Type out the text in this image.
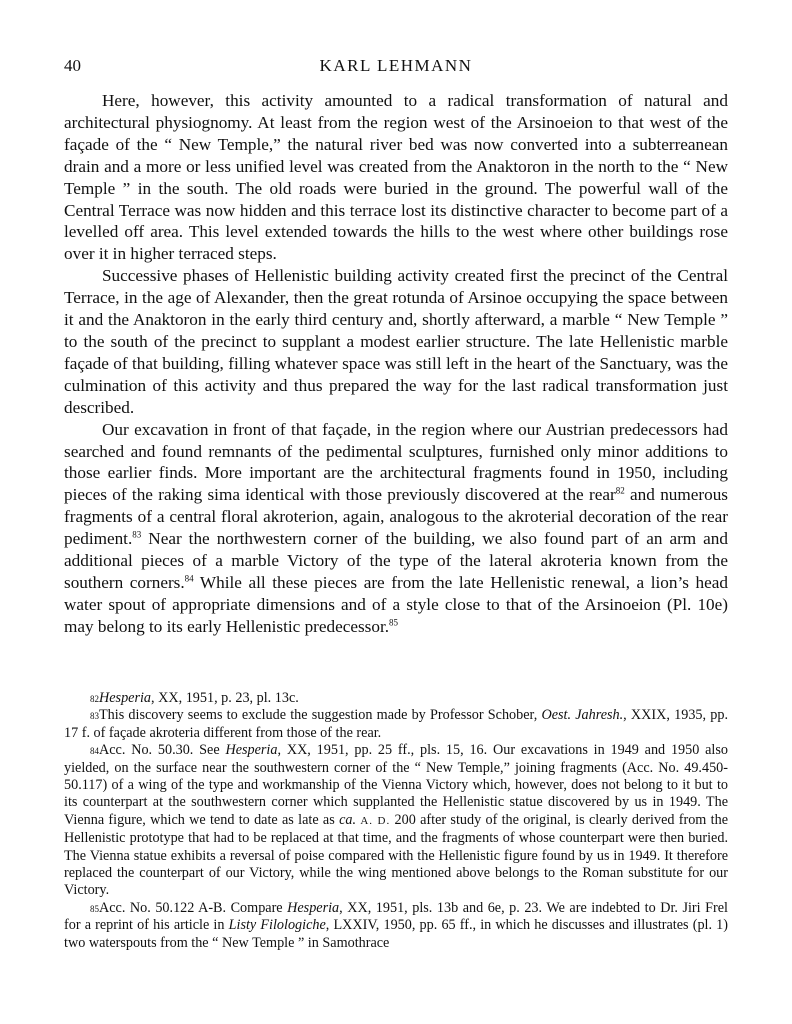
40	KARL LEHMANN

Here, however, this activity amounted to a radical transformation of natural and architectural physiognomy. At least from the region west of the Arsinoeion to that west of the façade of the “ New Temple,” the natural river bed was now converted into a subterreanean drain and a more or less unified level was created from the Anaktoron in the north to the “ New Temple ” in the south. The old roads were buried in the ground. The powerful wall of the Central Terrace was now hidden and this terrace lost its distinctive character to become part of a levelled off area. This level extended towards the hills to the west where other buildings rose over it in higher terraced steps.

Successive phases of Hellenistic building activity created first the precinct of the Central Terrace, in the age of Alexander, then the great rotunda of Arsinoe occupying the space between it and the Anaktoron in the early third century and, shortly afterward, a marble “ New Temple ” to the south of the precinct to supplant a modest earlier structure. The late Hellenistic marble façade of that building, filling whatever space was still left in the heart of the Sanctuary, was the culmination of this activity and thus prepared the way for the last radical transformation just described.

Our excavation in front of that façade, in the region where our Austrian predecessors had searched and found remnants of the pedimental sculptures, furnished only minor additions to those earlier finds. More important are the architectural fragments found in 1950, including pieces of the raking sima identical with those previously discovered at the rear$^{82}$ and numerous fragments of a central floral akroterion, again, analogous to the akroterial decoration of the rear pediment.$^{83}$ Near the northwestern corner of the building, we also found part of an arm and additional pieces of a marble Victory of the type of the lateral akroteria known from the southern corners.$^{84}$ While all these pieces are from the late Hellenistic renewal, a lion’s head water spout of appropriate dimensions and of a style close to that of the Arsinoeion (Pl. 10e) may belong to its early Hellenistic predecessor.$^{85}$

$^{82}$Hesperia, XX, 1951, p. 23, pl. 13c.

$^{83}$This discovery seems to exclude the suggestion made by Professor Schober, Oest. Jahresh., XXIX, 1935, pp. 17 f. of façade akroteria different from those of the rear.

$^{84}$Acc. No. 50.30. See Hesperia, XX, 1951, pp. 25 ff., pls. 15, 16. Our excavations in 1949 and 1950 also yielded, on the surface near the southwestern corner of the “ New Temple,” joining fragments (Acc. No. 49.450-50.117) of a wing of the type and workmanship of the Vienna Victory which, however, does not belong to it but to its counterpart at the southwestern corner which supplanted the Hellenistic statue discovered by us in 1949. The Vienna figure, which we tend to date as late as ca. A. D. 200 after study of the original, is clearly derived from the Hellenistic prototype that had to be replaced at that time, and the fragments of whose counterpart were then buried. The Vienna statue exhibits a reversal of poise compared with the Hellenistic figure found by us in 1949. It therefore replaced the counterpart of our Victory, while the wing mentioned above belongs to the Roman substitute for our Victory.

$^{85}$Acc. No. 50.122 A-B. Compare Hesperia, XX, 1951, pls. 13b and 6e, p. 23. We are indebted to Dr. Jiri Frel for a reprint of his article in Listy Filologiche, LXXIV, 1950, pp. 65 ff., in which he discusses and illustrates (pl. 1) two waterspouts from the “ New Temple ” in Samothrace
